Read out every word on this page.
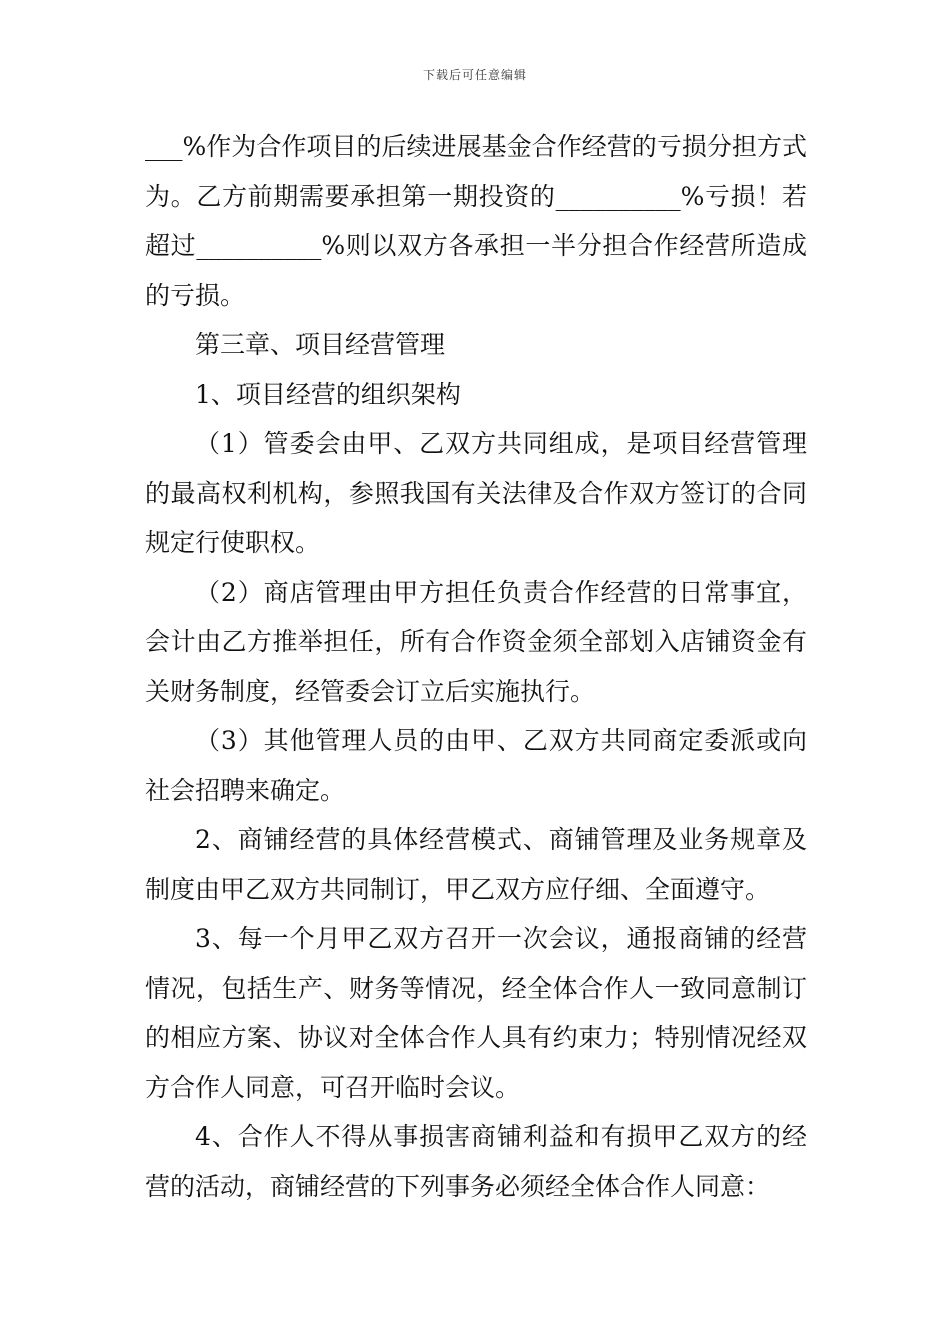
下载后可任意编辑

___%作为合作项目的后续进展基金合作经营的亏损分担方式为。乙方前期需要承担第一期投资的__________%亏损！若超过__________%则以双方各承担一半分担合作经营所造成的亏损。

第三章、项目经营管理

1、项目经营的组织架构

（1）管委会由甲、乙双方共同组成，是项目经营管理的最高权利机构，参照我国有关法律及合作双方签订的合同规定行使职权。

（2）商店管理由甲方担任负责合作经营的日常事宜，会计由乙方推举担任，所有合作资金须全部划入店铺资金有关财务制度，经管委会订立后实施执行。

（3）其他管理人员的由甲、乙双方共同商定委派或向社会招聘来确定。

2、商铺经营的具体经营模式、商铺管理及业务规章及制度由甲乙双方共同制订，甲乙双方应仔细、全面遵守。

3、每一个月甲乙双方召开一次会议，通报商铺的经营情况，包括生产、财务等情况，经全体合作人一致同意制订的相应方案、协议对全体合作人具有约束力；特别情况经双方合作人同意，可召开临时会议。

4、合作人不得从事损害商铺利益和有损甲乙双方的经营的活动，商铺经营的下列事务必须经全体合作人同意：
